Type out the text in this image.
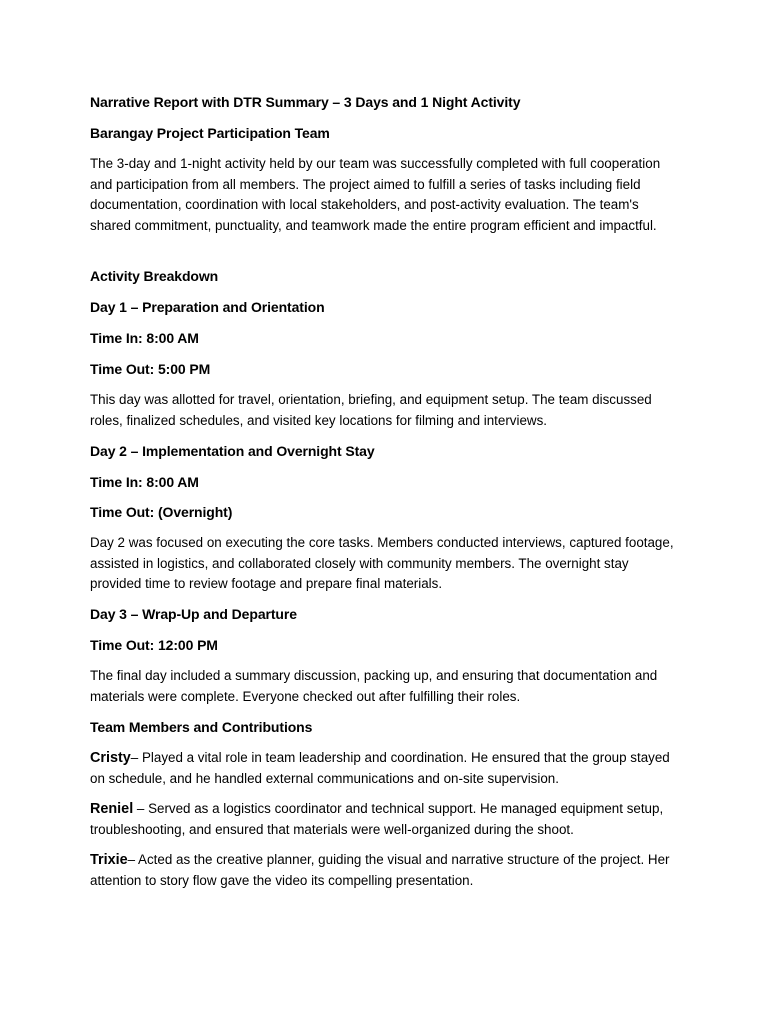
Narrative Report with DTR Summary – 3 Days and 1 Night Activity

Barangay Project Participation Team

The 3-day and 1-night activity held by our team was successfully completed with full cooperation and participation from all members. The project aimed to fulfill a series of tasks including field documentation, coordination with local stakeholders, and post-activity evaluation. The team's shared commitment, punctuality, and teamwork made the entire program efficient and impactful.

Activity Breakdown

Day 1 – Preparation and Orientation

Time In: 8:00 AM

Time Out: 5:00 PM

This day was allotted for travel, orientation, briefing, and equipment setup. The team discussed roles, finalized schedules, and visited key locations for filming and interviews.

Day 2 – Implementation and Overnight Stay

Time In: 8:00 AM

Time Out: (Overnight)

Day 2 was focused on executing the core tasks. Members conducted interviews, captured footage, assisted in logistics, and collaborated closely with community members. The overnight stay provided time to review footage and prepare final materials.

Day 3 – Wrap-Up and Departure

Time Out: 12:00 PM

The final day included a summary discussion, packing up, and ensuring that documentation and materials were complete. Everyone checked out after fulfilling their roles.

Team Members and Contributions

Cristy– Played a vital role in team leadership and coordination. He ensured that the group stayed on schedule, and he handled external communications and on-site supervision.

Reniel – Served as a logistics coordinator and technical support. He managed equipment setup, troubleshooting, and ensured that materials were well-organized during the shoot.

Trixie– Acted as the creative planner, guiding the visual and narrative structure of the project. Her attention to story flow gave the video its compelling presentation.
